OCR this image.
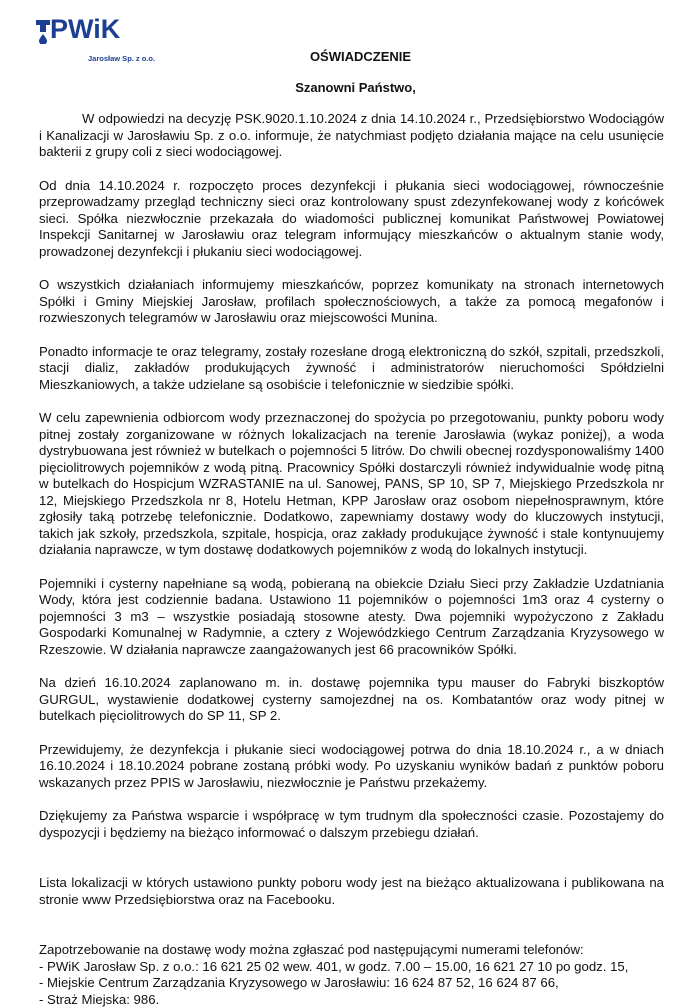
PWiK
Jarosław Sp. z o.o.	OŚWIADCZENIE
Szanowni Państwo,

W odpowiedzi na decyzję PSK.9020.1.10.2024 z dnia 14.10.2024 r., Przedsiębiorstwo Wodociągów i Kanalizacji w Jarosławiu Sp. z o.o. informuje, że natychmiast podjęto działania mające na celu usunięcie bakterii z grupy coli z sieci wodociągowej.

Od dnia 14.10.2024 r. rozpoczęto proces dezynfekcji i płukania sieci wodociągowej, równocześnie przeprowadzamy przegląd techniczny sieci oraz kontrolowany spust zdezynfekowanej wody z końcówek sieci. Spółka niezwłocznie przekazała do wiadomości publicznej komunikat Państwowej Powiatowej Inspekcji Sanitarnej w Jarosławiu oraz telegram informujący mieszkańców o aktualnym stanie wody, prowadzonej dezynfekcji i płukaniu sieci wodociągowej.

O wszystkich działaniach informujemy mieszkańców, poprzez komunikaty na stronach internetowych Spółki i Gminy Miejskiej Jarosław, profilach społecznościowych, a także za pomocą megafonów i rozwieszonych telegramów w Jarosławiu oraz miejscowości Munina.

Ponadto informacje te oraz telegramy, zostały rozesłane drogą elektroniczną do szkół, szpitali, przedszkoli, stacji dializ, zakładów produkujących żywność i administratorów nieruchomości Spółdzielni Mieszkaniowych, a także udzielane są osobiście i telefonicznie w siedzibie spółki.

W celu zapewnienia odbiorcom wody przeznaczonej do spożycia po przegotowaniu, punkty poboru wody pitnej zostały zorganizowane w różnych lokalizacjach na terenie Jarosławia (wykaz poniżej), a woda dystrybuowana jest również w butelkach o pojemności 5 litrów. Do chwili obecnej rozdysponowaliśmy 1400 pięciolitrowych pojemników z wodą pitną. Pracownicy Spółki dostarczyli również indywidualnie wodę pitną w butelkach do Hospicjum WZRASTANIE na ul. Sanowej, PANS, SP 10, SP 7, Miejskiego Przedszkola nr 12, Miejskiego Przedszkola nr 8, Hotelu Hetman, KPP Jarosław oraz osobom niepełnosprawnym, które zgłosiły taką potrzebę telefonicznie. Dodatkowo, zapewniamy dostawy wody do kluczowych instytucji, takich jak szkoły, przedszkola, szpitale, hospicja, oraz zakłady produkujące żywność i stale kontynuujemy działania naprawcze, w tym dostawę dodatkowych pojemników z wodą do lokalnych instytucji.

Pojemniki i cysterny napełniane są wodą, pobieraną na obiekcie Działu Sieci przy Zakładzie Uzdatniania Wody, która jest codziennie badana. Ustawiono 11 pojemników o pojemności 1m3 oraz 4 cysterny o pojemności 3 m3 – wszystkie posiadają stosowne atesty. Dwa pojemniki wypożyczono z Zakładu Gospodarki Komunalnej w Radymnie, a cztery z Wojewódzkiego Centrum Zarządzania Kryzysowego w Rzeszowie. W działania naprawcze zaangażowanych jest 66 pracowników Spółki.

Na dzień 16.10.2024 zaplanowano m. in. dostawę pojemnika typu mauser do Fabryki biszkoptów GURGUL, wystawienie dodatkowej cysterny samojezdnej na os. Kombatantów oraz wody pitnej w butelkach pięciolitrowych do SP 11, SP 2.

Przewidujemy, że dezynfekcja i płukanie sieci wodociągowej potrwa do dnia 18.10.2024 r., a w dniach 16.10.2024 i 18.10.2024 pobrane zostaną próbki wody. Po uzyskaniu wyników badań z punktów poboru wskazanych przez PPIS w Jarosławiu, niezwłocznie je Państwu przekażemy.

Dziękujemy za Państwa wsparcie i współpracę w tym trudnym dla społeczności czasie. Pozostajemy do dyspozycji i będziemy na bieżąco informować o dalszym przebiegu działań.

Lista lokalizacji w których ustawiono punkty poboru wody jest na bieżąco aktualizowana i publikowana na stronie www Przedsiębiorstwa oraz na Facebooku.

Zapotrzebowanie na dostawę wody można zgłaszać pod następującymi numerami telefonów:

- PWiK Jarosław Sp. z o.o.: 16 621 25 02 wew. 401, w godz. 7.00 – 15.00, 16 621 27 10 po godz. 15,
- Miejskie Centrum Zarządzania Kryzysowego w Jarosławiu: 16 624 87 52, 16 624 87 66,
- Straż Miejska: 986.
